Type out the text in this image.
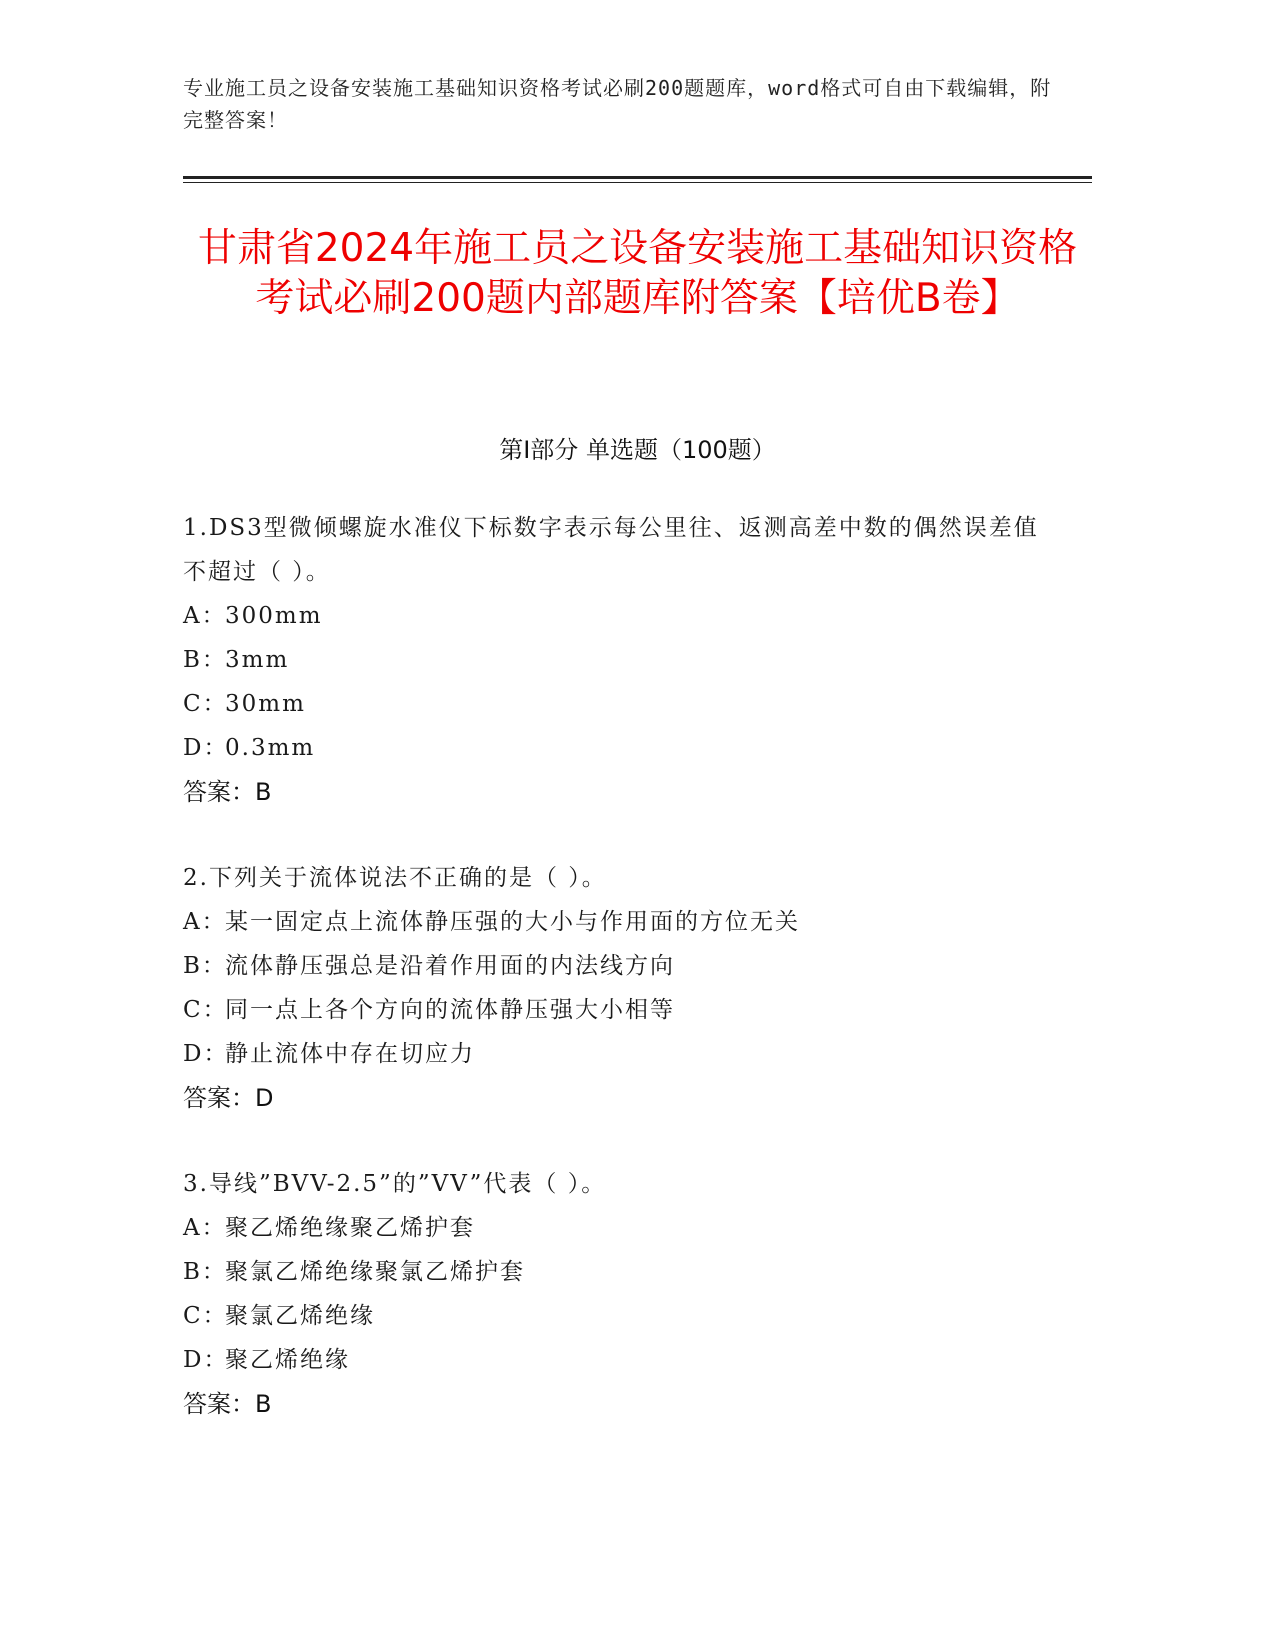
专业施工员之设备安装施工基础知识资格考试必刷200题题库，word格式可自由下载编辑，附完整答案！
甘肃省2024年施工员之设备安装施工基础知识资格考试必刷200题内部题库附答案【培优B卷】
第Ⅰ部分 单选题（100题）
1.DS3型微倾螺旋水准仪下标数字表示每公里往、返测高差中数的偶然误差值不超过（ ）。
A：300mm
B：3mm
C：30mm
D：0.3mm
答案：B
2.下列关于流体说法不正确的是（ ）。
A：某一固定点上流体静压强的大小与作用面的方位无关
B：流体静压强总是沿着作用面的内法线方向
C：同一点上各个方向的流体静压强大小相等
D：静止流体中存在切应力
答案：D
3.导线”BVV-2.5”的”VV”代表（ ）。
A：聚乙烯绝缘聚乙烯护套
B：聚氯乙烯绝缘聚氯乙烯护套
C：聚氯乙烯绝缘
D：聚乙烯绝缘
答案：B
